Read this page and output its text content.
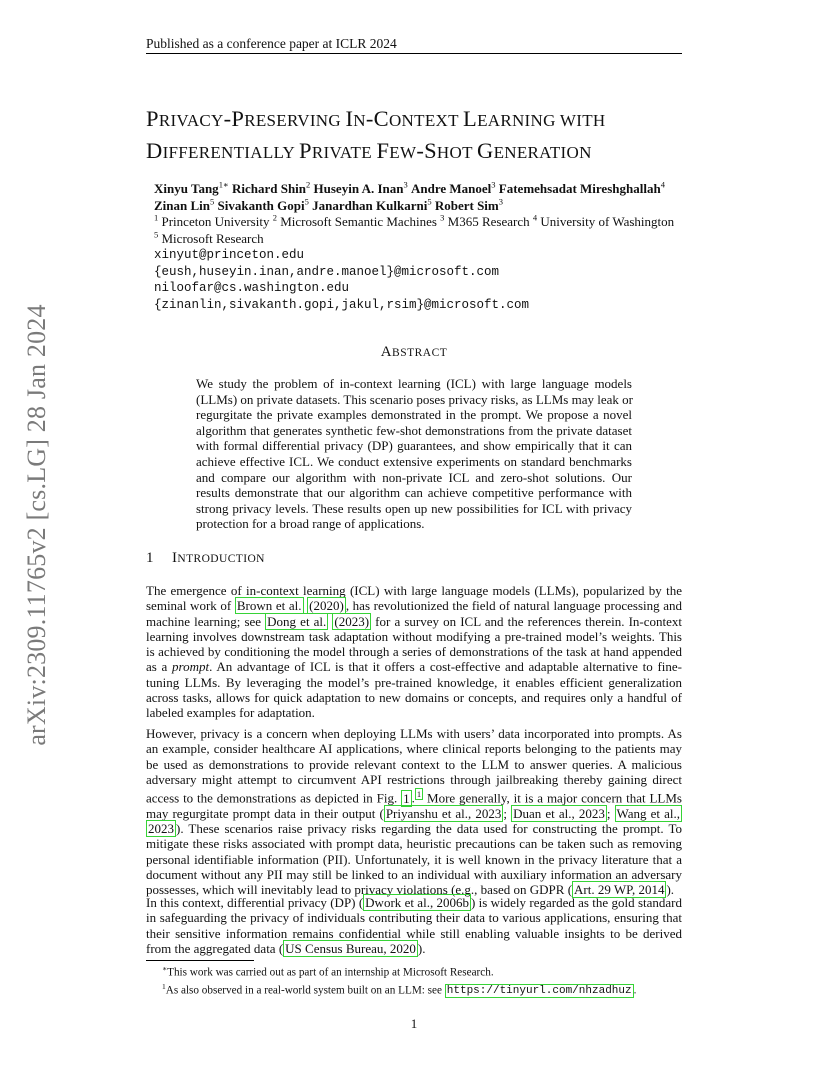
Published as a conference paper at ICLR 2024
arXiv:2309.11765v2 [cs.LG] 28 Jan 2024
PRIVACY-PRESERVING IN-CONTEXT LEARNING WITH
DIFFERENTIALLY PRIVATE FEW-SHOT GENERATION
Xinyu Tang$^{1∗}$ Richard Shin$^2$ Huseyin A. Inan$^3$ Andre Manoel$^3$ Fatemehsadat Mireshghallah$^4$
Zinan Lin$^5$ Sivakanth Gopi$^5$ Janardhan Kulkarni$^5$ Robert Sim$^3$
$^1$ Princeton University $^2$ Microsoft Semantic Machines $^3$ M365 Research $^4$ University of Washington
$^5$ Microsoft Research
xinyut@princeton.edu
{eush,huseyin.inan,andre.manoel}@microsoft.com
niloofar@cs.washington.edu
{zinanlin,sivakanth.gopi,jakul,rsim}@microsoft.com
ABSTRACT
We study the problem of in-context learning (ICL) with large language models
(LLMs) on private datasets. This scenario poses privacy risks, as LLMs may leak or
regurgitate the private examples demonstrated in the prompt. We propose a novel
algorithm that generates synthetic few-shot demonstrations from the private dataset
with formal differential privacy (DP) guarantees, and show empirically that it can
achieve effective ICL. We conduct extensive experiments on standard benchmarks
and compare our algorithm with non-private ICL and zero-shot solutions. Our
results demonstrate that our algorithm can achieve competitive performance with
strong privacy levels. These results open up new possibilities for ICL with privacy
protection for a broad range of applications.
1 INTRODUCTION
The emergence of in-context learning (ICL) with large language models (LLMs), popularized by the
seminal work of Brown et al. (2020) , has revolutionized the field of natural language processing and
machine learning; see Dong et al. (2023) for a survey on ICL and the references therein. In-context
learning involves downstream task adaptation without modifying a pre-trained model’s weights. This
is achieved by conditioning the model through a series of demonstrations of the task at hand appended
as a prompt. An advantage of ICL is that it offers a cost-effective and adaptable alternative to fine-
tuning LLMs. By leveraging the model’s pre-trained knowledge, it enables efficient generalization
across tasks, allows for quick adaptation to new domains or concepts, and requires only a handful of
labeled examples for adaptation.
However, privacy is a concern when deploying LLMs with users’ data incorporated into prompts. As
an example, consider healthcare AI applications, where clinical reports belonging to the patients may
be used as demonstrations to provide relevant context to the LLM to answer queries. A malicious
adversary might attempt to circumvent API restrictions through jailbreaking thereby gaining direct
access to the demonstrations as depicted in Fig. 1 . $^1$ More generally, it is a major concern that LLMs
may regurgitate prompt data in their output ( Priyanshu et al., 2023 ; Duan et al., 2023 ; Wang et al.,
2023 ). These scenarios raise privacy risks regarding the data used for constructing the prompt. To
mitigate these risks associated with prompt data, heuristic precautions can be taken such as removing
personal identifiable information (PII). Unfortunately, it is well known in the privacy literature that a
document without any PII may still be linked to an individual with auxiliary information an adversary
possesses, which will inevitably lead to privacy violations (e.g., based on GDPR ( Art. 29 WP, 2014 ).
In this context, differential privacy (DP) ( Dwork et al., 2006b ) is widely regarded as the gold standard
in safeguarding the privacy of individuals contributing their data to various applications, ensuring that
their sensitive information remains confidential while still enabling valuable insights to be derived
from the aggregated data ( US Census Bureau, 2020 ).
∗This work was carried out as part of an internship at Microsoft Research.
$^1$As also observed in a real-world system built on an LLM: see https://tinyurl.com/nhzadhuz .
1
